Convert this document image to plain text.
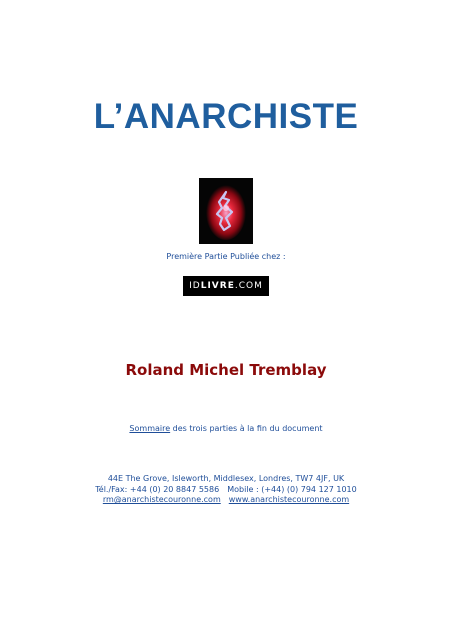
L’ANARCHISTE
Première Partie Publiée chez :
ID LIVRE .COM
Roland Michel Tremblay
Sommaire des trois parties à la fin du document
44E The Grove, Isleworth, Middlesex, Londres, TW7 4JF, UK
Tél./Fax: +44 (0) 20 8847 5586 Mobile : (+44) (0) 794 127 1010
rm@anarchistecouronne.com www.anarchistecouronne.com
